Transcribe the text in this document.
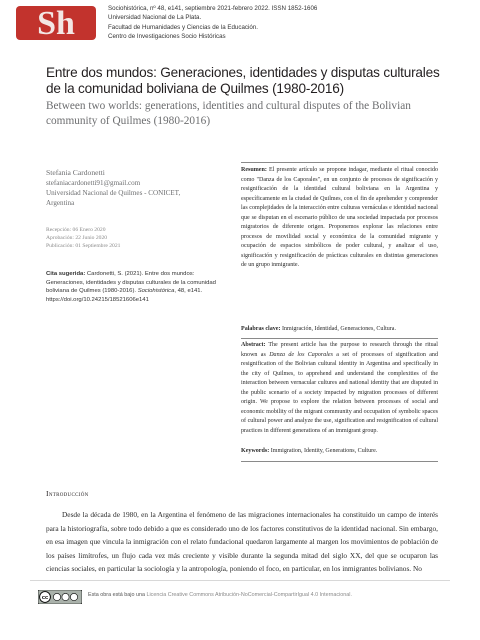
Sh	Sociohistórica, nº 48, e141, septiembre 2021-febrero 2022. ISSN 1852-1606
Universidad Nacional de La Plata.
Facultad de Humanidades y Ciencias de la Educación.
Centro de Investigaciones Socio Históricas
Entre dos mundos: Generaciones, identidades y disputas culturales de la comunidad boliviana de Quilmes (1980-2016)
Between two worlds: generations, identities and cultural disputes of the Bolivian community of Quilmes (1980-2016)
Stefania Cardonetti
stefaniacardonetti91@gmail.com
Universidad Nacional de Quilmes - CONICET,
Argentina
Recepción: 06 Enero 2020
Aprobación: 22 Junio 2020
Publicación: 01 Septiembre 2021
Cita sugerida: Cardonetti, S. (2021). Entre dos mundos: Generaciones, identidades y disputas culturales de la comunidad boliviana de Quilmes (1980-2016). Sociohistórica, 48, e141. https://doi.org/10.24215/18521606e141
Resumen: El presente artículo se propone indagar, mediante el ritual conocido como "Danza de los Caporales", en un conjunto de procesos de significación y resignificación de la identidad cultural boliviana en la Argentina y específicamente en la ciudad de Quilmes, con el fin de aprehender y comprender las complejidades de la interacción entre culturas vernáculas e identidad nacional que se disputan en el escenario público de una sociedad impactada por procesos migratorios de diferente origen. Proponemos explorar las relaciones entre procesos de movilidad social y económica de la comunidad migrante y ocupación de espacios simbólicos de poder cultural, y analizar el uso, significación y resignificación de prácticas culturales en distintas generaciones de un grupo inmigrante.
Palabras clave: Inmigración, Identidad, Generaciones, Cultura.
Abstract: The present article has the purpose to research through the ritual known as Danza de los Caporales a set of processes of signification and resignification of the Bolivian cultural identity in Argentina and specifically in the city of Quilmes, to apprehend and understand the complexities of the interaction between vernacular cultures and national identity that are disputed in the public scenario of a society impacted by migration processes of different origin. We propose to explore the relation between processes of social and economic mobility of the migrant community and occupation of symbolic spaces of cultural power and analyze the use, signification and resignification of cultural practices in different generations of an immigrant group.
Keywords: Immigration, Identity, Generations, Culture.
Introducción
Desde la década de 1980, en la Argentina el fenómeno de las migraciones internacionales ha constituido un campo de interés para la historiografía, sobre todo debido a que es considerado uno de los factores constitutivos de la identidad nacional. Sin embargo, en esa imagen que vincula la inmigración con el relato fundacional quedaron largamente al margen los movimientos de población de los países limítrofes, un flujo cada vez más creciente y visible durante la segunda mitad del siglo XX, del que se ocuparon las ciencias sociales, en particular la sociología y la antropología, poniendo el foco, en particular, en los inmigrantes bolivianos. No
cc
Esta obra está bajo una Licencia Creative Commons Atribución-NoComercial-CompartirIgual 4.0 Internacional.
